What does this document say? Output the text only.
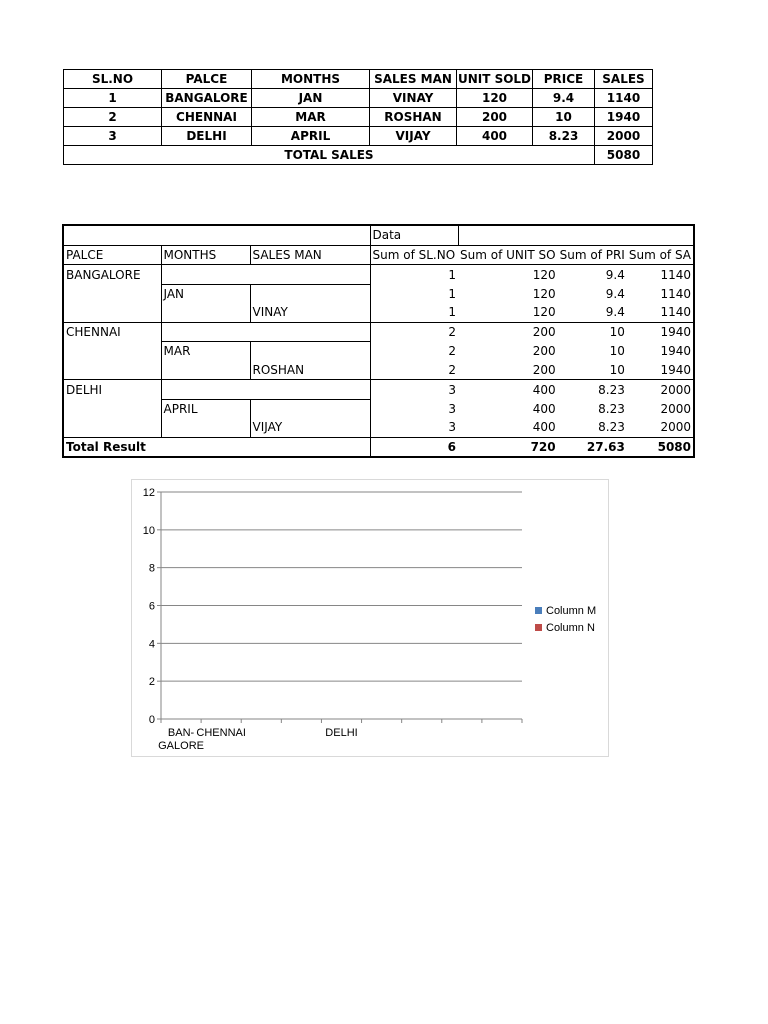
SL.NO	PALCE	MONTHS	SALES MAN	UNIT SOLD	PRICE	SALES
1	BANGALORE	JAN	VINAY	120	9.4	1140
2	CHENNAI	MAR	ROSHAN	200	10	1940
3	DELHI	APRIL	VIJAY	400	8.23	2000
TOTAL SALES						5080
			Data			
PALCE	MONTHS	SALES MAN	Sum of SL.NO	Sum of UNIT SO	Sum of PRI	Sum of SA
BANGALORE			1	120	9.4	1140
	JAN		1	120	9.4	1140
		VINAY	1	120	9.4	1140
CHENNAI			2	200	10	1940
	MAR		2	200	10	1940
		ROSHAN	2	200	10	1940
DELHI			3	400	8.23	2000
	APRIL		3	400	8.23	2000
		VIJAY	3	400	8.23	2000
Total Result			6	720	27.63	5080
0
2
4
6
8
10
12
BAN-GALORE
CHENNAI	DELHI
Column M
Column N
